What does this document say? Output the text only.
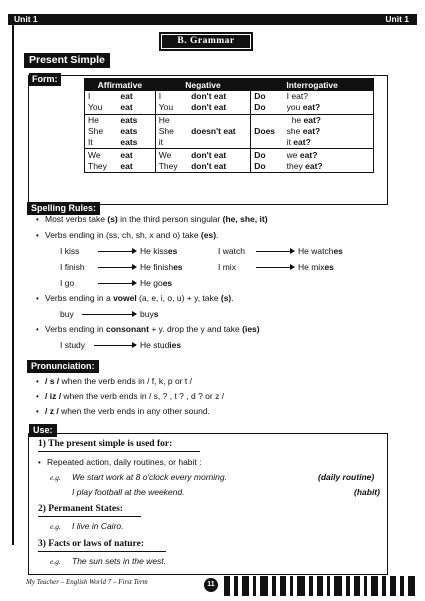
Unit 1	Unit 1
B. Grammar
Present Simple
Form:
Affirmative		Negative		Interrogative	
I	eat	I	don't eat	Do	I eat?
You	eat	You	don't eat	Do	you eat?
He	eats	He	doesn't eat	Does	he eat?
She	eats	She			she eat?
It	eats	it			it eat?
We	eat	We	don't eat	Do	we eat?
They	eat	They	don't eat	Do	they eat?
Spelling Rules:
• Most verbs take (s) in the third person singular (he, she, it)
• Verbs ending in (ss, ch, sh, x and o) take (es).
I kiss	He kisses	I watch	He watches
I finish	He finishes	I mix	He mixes
I go	He goes
• Verbs ending in a vowel (a, e, i, o, u) + y, take (s).
buy	buys
• Verbs ending in consonant + y. drop the y and take (ies)
I study	He studies
Pronunciation:
• / s / when the verb ends in / f, k, p or t /
• / iz / when the verb ends in / s, ? , t ? , d ? or z /
• / z / when the verb ends in any other sound.
Use:
1) The present simple is used for:
• Repeated action, daily routines, or habit :
e.g. We start work at 8 o'clock every morning.	(daily routine)
I play football at the weekend.	(habit)
2) Permanent States:
e.g. I live in Cairo.
3) Facts or laws of nature:
e.g. The sun sets in the west.
My Teacher – English World 7 – First Term	11
